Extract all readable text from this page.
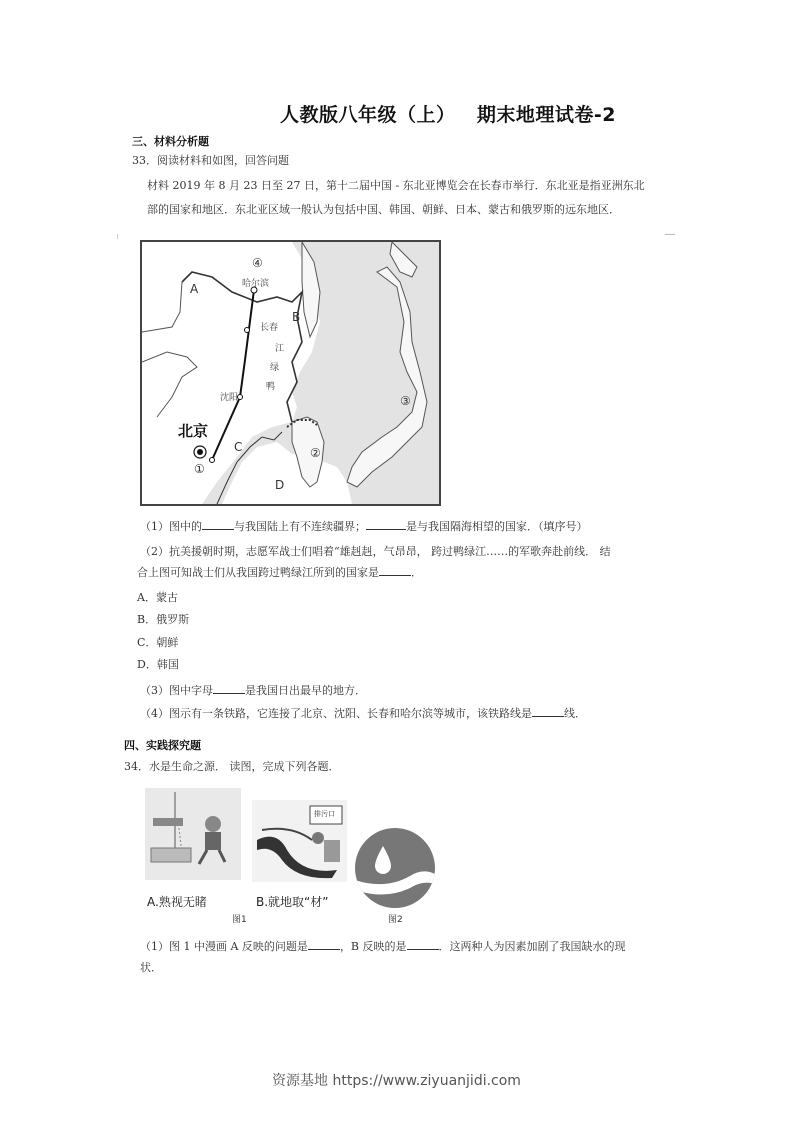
人教版八年级（上）   期末地理试卷-2
三、材料分析题
33．阅读材料和如图，回答问题
材料 2019 年 8 月 23 日至 27 日，第十二届中国 - 东北亚博览会在长春市举行．东北亚是指亚洲东北
部的国家和地区．东北亚区域一般认为包括中国、韩国、朝鲜、日本、蒙古和俄罗斯的远东地区．
④
A
B
C
D
①
②
③
北京
哈尔滨
长春
沈阳
江
绿
鸭
（1）图中的	与我国陆上有不连续疆界；	是与我国隔海相望的国家．（填序号）
（2）抗美援朝时期，志愿军战士们唱着“雄赳赳，气昂昂， 跨过鸭绿江……的军歌奔赴前线． 结
合上图可知战士们从我国跨过鸭绿江所到的国家是	．
A．蒙古
B．俄罗斯
C．朝鲜
D．韩国
（3）图中字母	是我国日出最早的地方．
（4）图示有一条铁路，它连接了北京、沈阳、长春和哈尔滨等城市，该铁路线是	线．
四、实践探究题
34．水是生命之源． 读图，完成下列各题．
排污口
A.熟视无睹	B.就地取“材”
图1	图2
（1）图 1 中漫画 A 反映的问题是	，B 反映的是	．这两种人为因素加剧了我国缺水的现
状．
资源基地 https://www.ziyuanjidi.com
